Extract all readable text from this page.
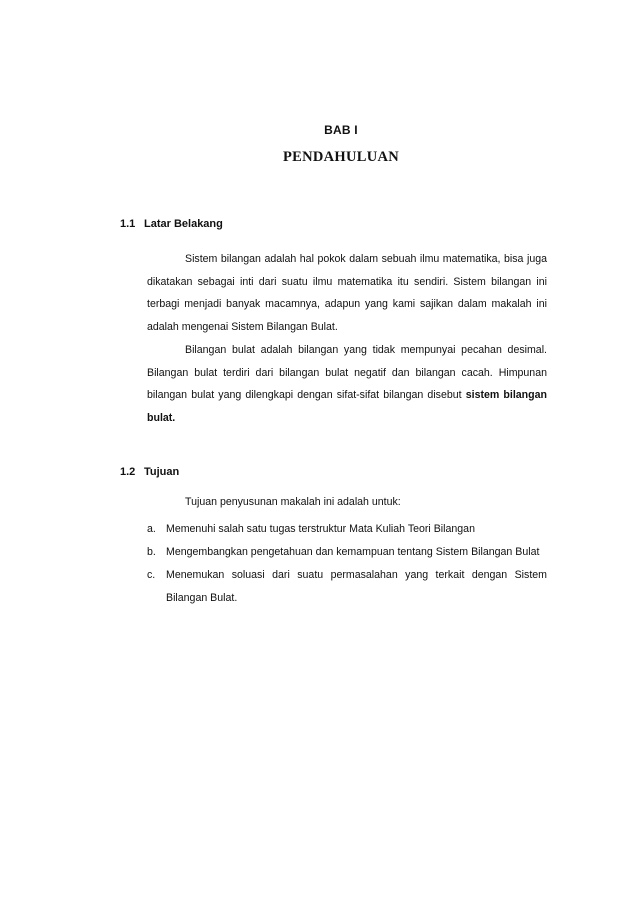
BAB I
PENDAHULUAN
1.1 Latar Belakang

Sistem bilangan adalah hal pokok dalam sebuah ilmu matematika, bisa juga dikatakan sebagai inti dari suatu ilmu matematika itu sendiri. Sistem bilangan ini terbagi menjadi banyak macamnya, adapun yang kami sajikan dalam makalah ini adalah mengenai Sistem Bilangan Bulat.

Bilangan bulat adalah bilangan yang tidak mempunyai pecahan desimal. Bilangan bulat terdiri dari bilangan bulat negatif dan bilangan cacah. Himpunan bilangan bulat yang dilengkapi dengan sifat-sifat bilangan disebut sistem bilangan bulat.

1.2 Tujuan
Tujuan penyusunan makalah ini adalah untuk:
a. Memenuhi salah satu tugas terstruktur Mata Kuliah Teori Bilangan
b. Mengembangkan pengetahuan dan kemampuan tentang Sistem Bilangan Bulat
c.	Menemukan soluasi dari suatu permasalahan yang terkait dengan Sistem Bilangan Bulat.
